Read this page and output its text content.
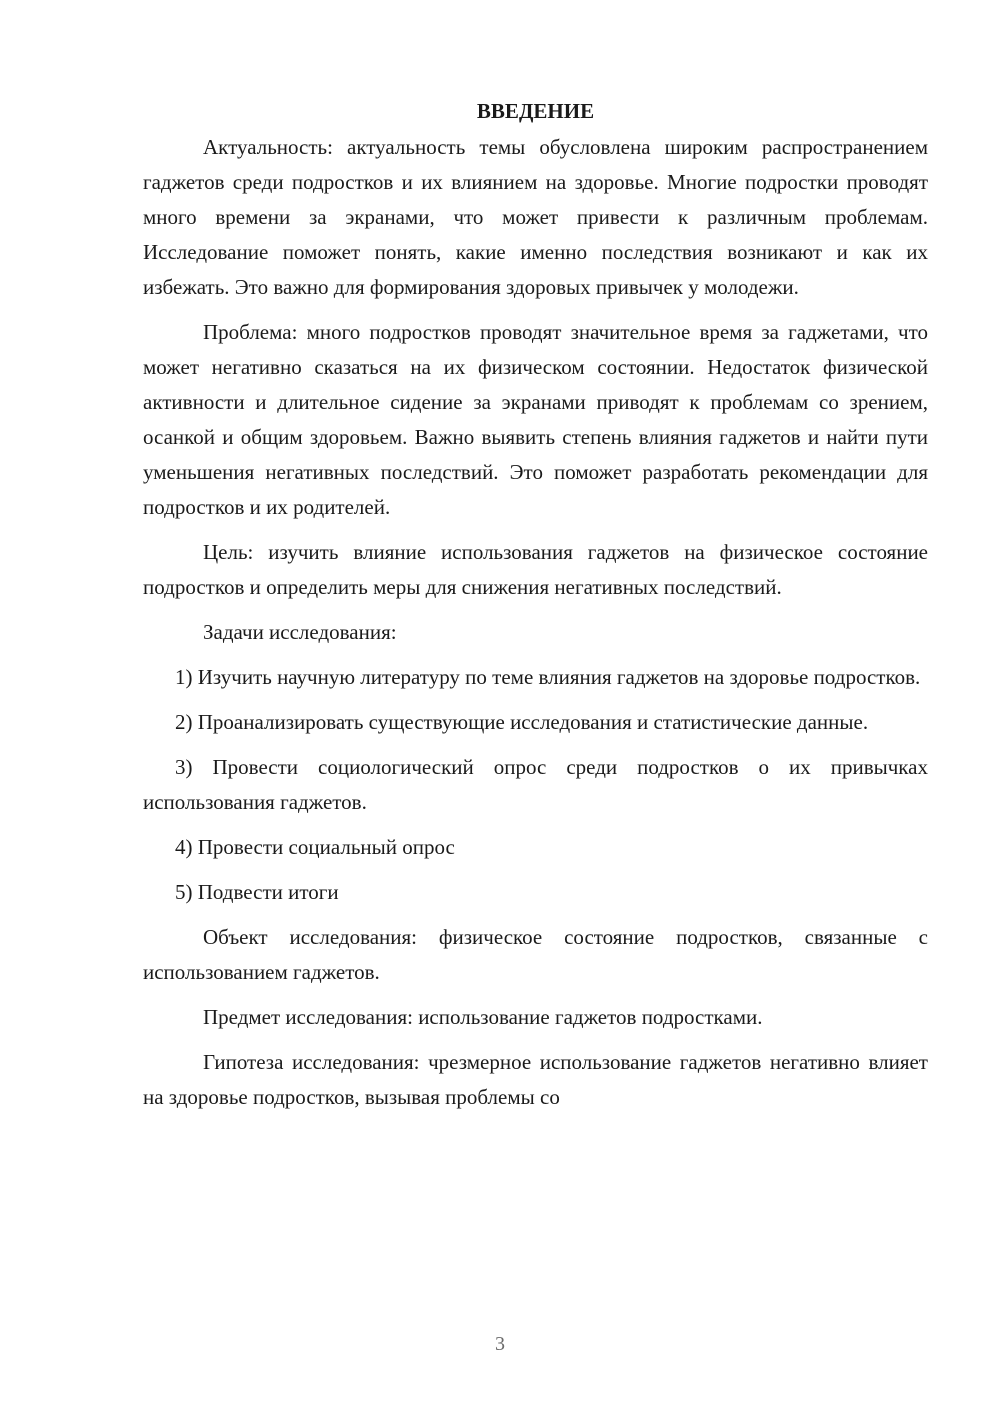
ВВЕДЕНИЕ

Актуальность: актуальность темы обусловлена широким распространением гаджетов среди подростков и их влиянием на здоровье. Многие подростки проводят много времени за экранами, что может привести к различным проблемам. Исследование поможет понять, какие именно последствия возникают и как их избежать. Это важно для формирования здоровых привычек у молодежи.

Проблема: много подростков проводят значительное время за гаджетами, что может негативно сказаться на их физическом состоянии. Недостаток физической активности и длительное сидение за экранами приводят к проблемам со зрением, осанкой и общим здоровьем. Важно выявить степень влияния гаджетов и найти пути уменьшения негативных последствий. Это поможет разработать рекомендации для подростков и их родителей.

Цель: изучить влияние использования гаджетов на физическое состояние подростков и определить меры для снижения негативных последствий.

Задачи исследования:

1) Изучить научную литературу по теме влияния гаджетов на здоровье подростков.

2) Проанализировать существующие исследования и статистические данные.

3) Провести социологический опрос среди подростков о их привычках использования гаджетов.

4) Провести социальный опрос

5) Подвести итоги

Объект исследования: физическое состояние подростков, связанные с использованием гаджетов.

Предмет исследования: использование гаджетов подростками.

Гипотеза исследования: чрезмерное использование гаджетов негативно влияет на здоровье подростков, вызывая проблемы со

3
